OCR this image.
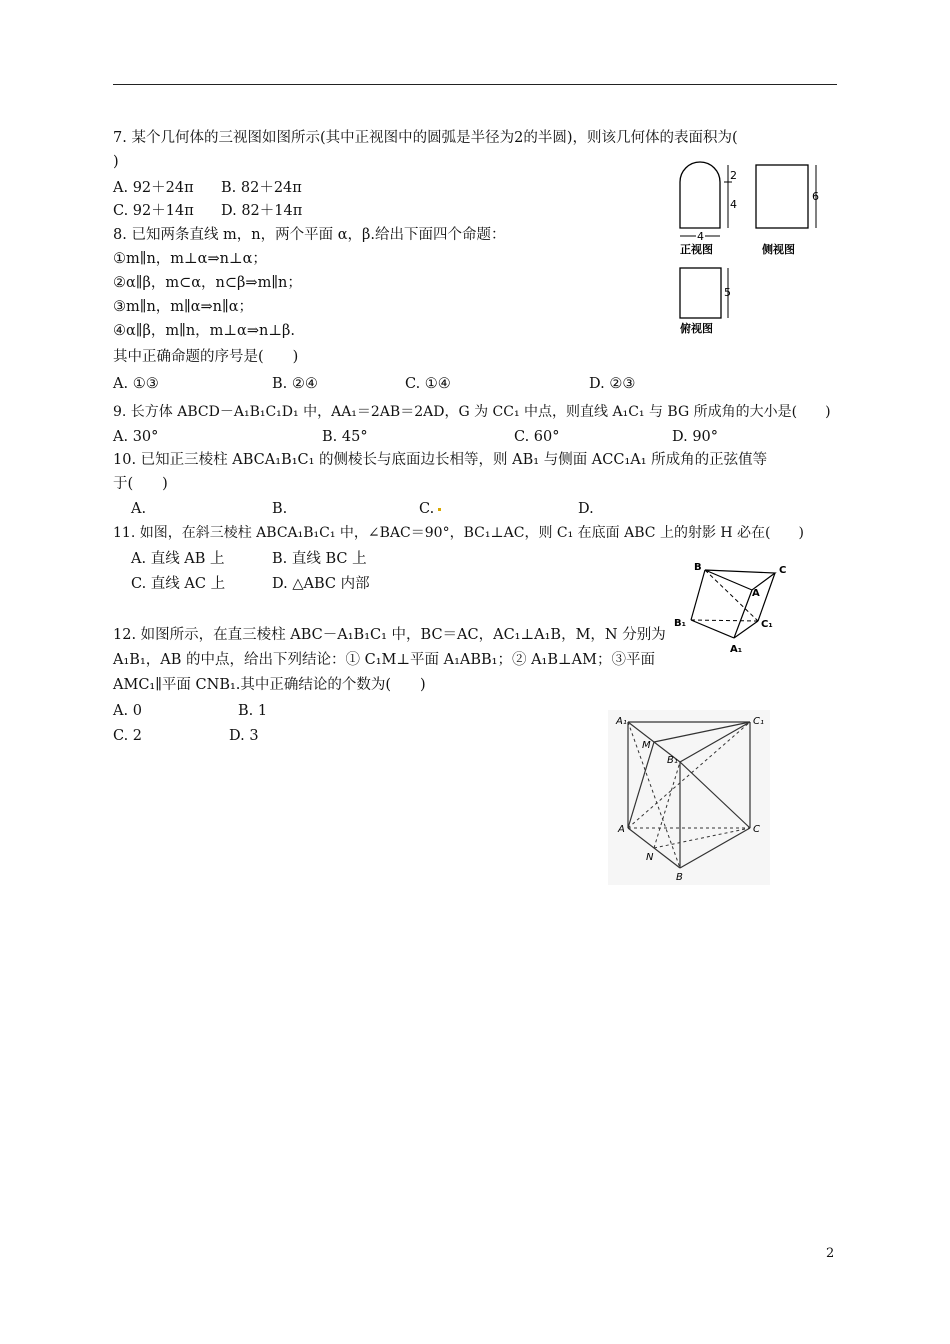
7. 某个几何体的三视图如图所示(其中正视图中的圆弧是半径为2的半圆)，则该几何体的表面积为(
)
A. 92＋24π B. 82＋24π
C. 92＋14π D. 82＋14π
8. 已知两条直线 m，n，两个平面 α，β.给出下面四个命题：
①m∥n，m⊥α⇒n⊥α；
②α∥β，m⊂α，n⊂β⇒m∥n；
③m∥n，m∥α⇒n∥α；
④α∥β，m∥n，m⊥α⇒n⊥β.
其中正确命题的序号是(　　)
A. ①③	B. ②④	C. ①④	D. ②③
9. 长方体 ABCD－A₁B₁C₁D₁ 中，AA₁＝2AB＝2AD，G 为 CC₁ 中点，则直线 A₁C₁ 与 BG 所成角的大小是(　　)
A. 30°	B. 45°	C. 60°	D. 90°
10. 已知正三棱柱 ABCA₁B₁C₁ 的侧棱长与底面边长相等，则 AB₁ 与侧面 ACC₁A₁ 所成角的正弦值等
于(　　)
A.	B.	C.	D.
11. 如图，在斜三棱柱 ABCA₁B₁C₁ 中，∠BAC＝90°，BC₁⊥AC，则 C₁ 在底面 ABC 上的射影 H 必在(　　)
A. 直线 AB 上	B. 直线 BC 上
C. 直线 AC 上	D. △ABC 内部
12. 如图所示，在直三棱柱 ABC－A₁B₁C₁ 中，BC＝AC，AC₁⊥A₁B，M，N 分别为
A₁B₁，AB 的中点，给出下列结论：① C₁M⊥平面 A₁ABB₁；② A₁B⊥AM；③平面
AMC₁∥平面 CNB₁.其中正确结论的个数为(　　)
A. 0	B. 1
C. 2	D. 3
2
4
4
正视图
6
侧视图
5
俯视图
B	C
A
B₁	C₁
A₁
A₁	C₁
M
B₁
A	C
N
B
2
